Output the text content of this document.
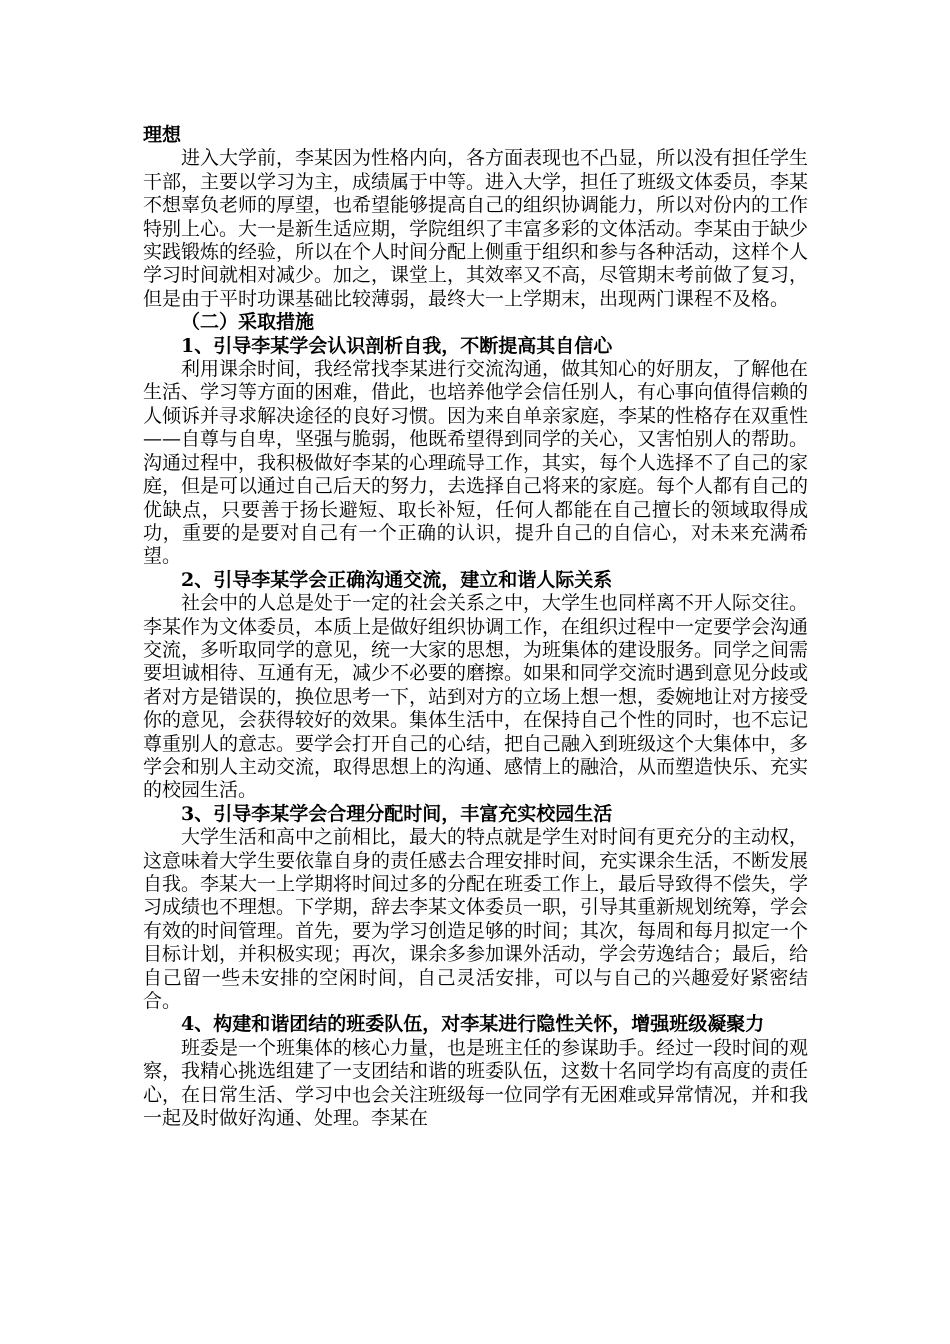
理想

进入大学前，李某因为性格内向，各方面表现也不凸显，所以没有担任学生干部，主要以学习为主，成绩属于中等。进入大学，担任了班级文体委员，李某不想辜负老师的厚望，也希望能够提高自己的组织协调能力，所以对份内的工作特别上心。大一是新生适应期，学院组织了丰富多彩的文体活动。李某由于缺少实践锻炼的经验，所以在个人时间分配上侧重于组织和参与各种活动，这样个人学习时间就相对减少。加之，课堂上，其效率又不高，尽管期末考前做了复习，但是由于平时功课基础比较薄弱，最终大一上学期末，出现两门课程不及格。

（二）采取措施

1、引导李某学会认识剖析自我，不断提高其自信心

利用课余时间，我经常找李某进行交流沟通，做其知心的好朋友，了解他在生活、学习等方面的困难，借此，也培养他学会信任别人，有心事向值得信赖的人倾诉并寻求解决途径的良好习惯。因为来自单亲家庭，李某的性格存在双重性——自尊与自卑，坚强与脆弱，他既希望得到同学的关心，又害怕别人的帮助。沟通过程中，我积极做好李某的心理疏导工作，其实，每个人选择不了自己的家庭，但是可以通过自己后天的努力，去选择自己将来的家庭。每个人都有自己的优缺点，只要善于扬长避短、取长补短，任何人都能在自己擅长的领域取得成功，重要的是要对自己有一个正确的认识，提升自己的自信心，对未来充满希望。

2、引导李某学会正确沟通交流，建立和谐人际关系

社会中的人总是处于一定的社会关系之中，大学生也同样离不开人际交往。李某作为文体委员，本质上是做好组织协调工作，在组织过程中一定要学会沟通交流，多听取同学的意见，统一大家的思想，为班集体的建设服务。同学之间需要坦诚相待、互通有无，减少不必要的磨擦。如果和同学交流时遇到意见分歧或者对方是错误的，换位思考一下，站到对方的立场上想一想，委婉地让对方接受你的意见，会获得较好的效果。集体生活中，在保持自己个性的同时，也不忘记尊重别人的意志。要学会打开自己的心结，把自己融入到班级这个大集体中，多学会和别人主动交流，取得思想上的沟通、感情上的融洽，从而塑造快乐、充实的校园生活。

3、引导李某学会合理分配时间，丰富充实校园生活

大学生活和高中之前相比，最大的特点就是学生对时间有更充分的主动权，这意味着大学生要依靠自身的责任感去合理安排时间，充实课余生活，不断发展自我。李某大一上学期将时间过多的分配在班委工作上，最后导致得不偿失，学习成绩也不理想。下学期，辞去李某文体委员一职，引导其重新规划统筹，学会有效的时间管理。首先，要为学习创造足够的时间；其次，每周和每月拟定一个目标计划，并积极实现；再次，课余多参加课外活动，学会劳逸结合；最后，给自己留一些未安排的空闲时间，自己灵活安排，可以与自己的兴趣爱好紧密结合。

4、构建和谐团结的班委队伍，对李某进行隐性关怀，增强班级凝聚力

班委是一个班集体的核心力量，也是班主任的参谋助手。经过一段时间的观察，我精心挑选组建了一支团结和谐的班委队伍，这数十名同学均有高度的责任心，在日常生活、学习中也会关注班级每一位同学有无困难或异常情况，并和我一起及时做好沟通、处理。李某在
